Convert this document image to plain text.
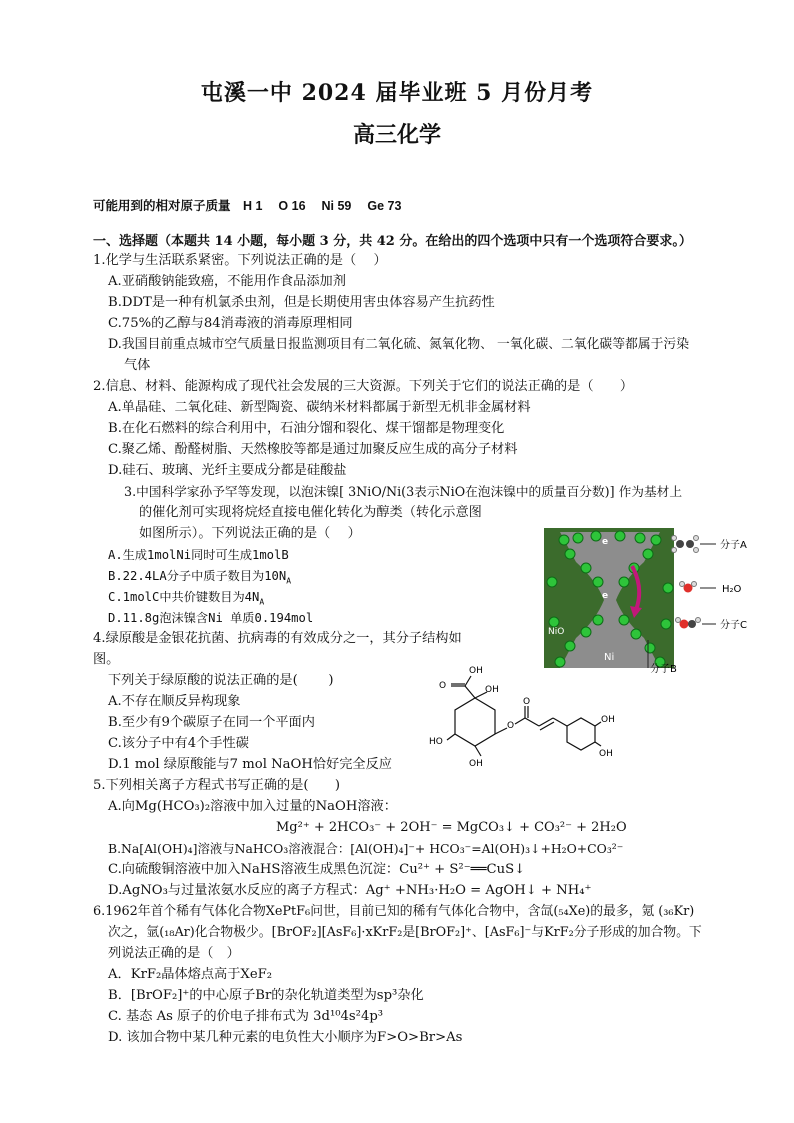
屯溪一中 2024 届毕业班 5 月份月考
高三化学
可能用到的相对原子质量　H 1　 O 16　 Ni 59　 Ge 73
一、选择题（本题共 14 小题，每小题 3 分，共 42 分。在给出的四个选项中只有一个选项符合要求。）
1.化学与生活联系紧密。下列说法正确的是（　 ）
A.亚硝酸钠能致癌，不能用作食品添加剂
B.DDT是一种有机氯杀虫剂，但是长期使用害虫体容易产生抗药性
C.75%的乙醇与84消毒液的消毒原理相同
D.我国目前重点城市空气质量日报监测项目有二氧化硫、氮氧化物、 一氧化碳、二氧化碳等都属于污染
气体
2.信息、材料、能源构成了现代社会发展的三大资源。下列关于它们的说法正确的是（　　）
A.单晶硅、二氧化硅、新型陶瓷、碳纳米材料都属于新型无机非金属材料
B.在化石燃料的综合利用中，石油分馏和裂化、煤干馏都是物理变化
C.聚乙烯、酚醛树脂、天然橡胶等都是通过加聚反应生成的高分子材料
D.硅石、玻璃、光纤主要成分都是硅酸盐
3.中国科学家孙予罕等发现，以泡沫镍[ 3NiO/Ni(3表示NiO在泡沫镍中的质量百分数)] 作为基材上
的催化剂可实现将烷烃直接电催化转化为醇类（转化示意图
如图所示）。下列说法正确的是（　 ）
A.生成1molNi同时可生成1molB
B.22.4LA分子中质子数目为$10N_A$
C.1molC中共价键数目为$4N_A$
D.11.8g泡沫镍含Ni 单质0.194mol
NiO
Ni
e
e
分子A
H₂O
分子C
分子B
4.绿原酸是金银花抗菌、抗病毒的有效成分之一，其分子结构如
图。
下列关于绿原酸的说法正确的是(　　 )
A.不存在顺反异构现象
B.至少有9个碳原子在同一个平面内
C.该分子中有4个手性碳
D.1 mol 绿原酸能与7 mol NaOH恰好完全反应
OH
O	OH
O
O
OH
OH
HO
OH
5.下列相关离子方程式书写正确的是(　　)
A.向Mg(HCO₃)₂溶液中加入过量的NaOH溶液：
Mg²⁺ + 2HCO₃⁻ + 2OH⁻ = MgCO₃↓ + CO₃²⁻ + 2H₂O
B.Na[Al(OH)₄]溶液与NaHCO₃溶液混合：[Al(OH)₄]⁻+ HCO₃⁻=Al(OH)₃↓+H₂O+CO₃²⁻
C.向硫酸铜溶液中加入NaHS溶液生成黑色沉淀：Cu²⁺ + S²⁻══CuS↓
D.AgNO₃与过量浓氨水反应的离子方程式：Ag⁺ +NH₃·H₂O = AgOH↓ + NH₄⁺
6.1962年首个稀有气体化合物XePtF₆问世，目前已知的稀有气体化合物中，含氙(₅₄Xe)的最多，氪 (₃₆Kr)
次之，氩(₁₈Ar)化合物极少。[BrOF₂][AsF₆]·xKrF₂是[BrOF₂]⁺、[AsF₆]⁻与KrF₂分子形成的加合物。下
列说法正确的是（　）
A．KrF₂晶体熔点高于XeF₂
B．[BrOF₂]⁺的中心原子Br的杂化轨道类型为sp³杂化
C. 基态 As 原子的价电子排布式为 3d¹⁰4s²4p³
D. 该加合物中某几种元素的电负性大小顺序为F>O>Br>As
